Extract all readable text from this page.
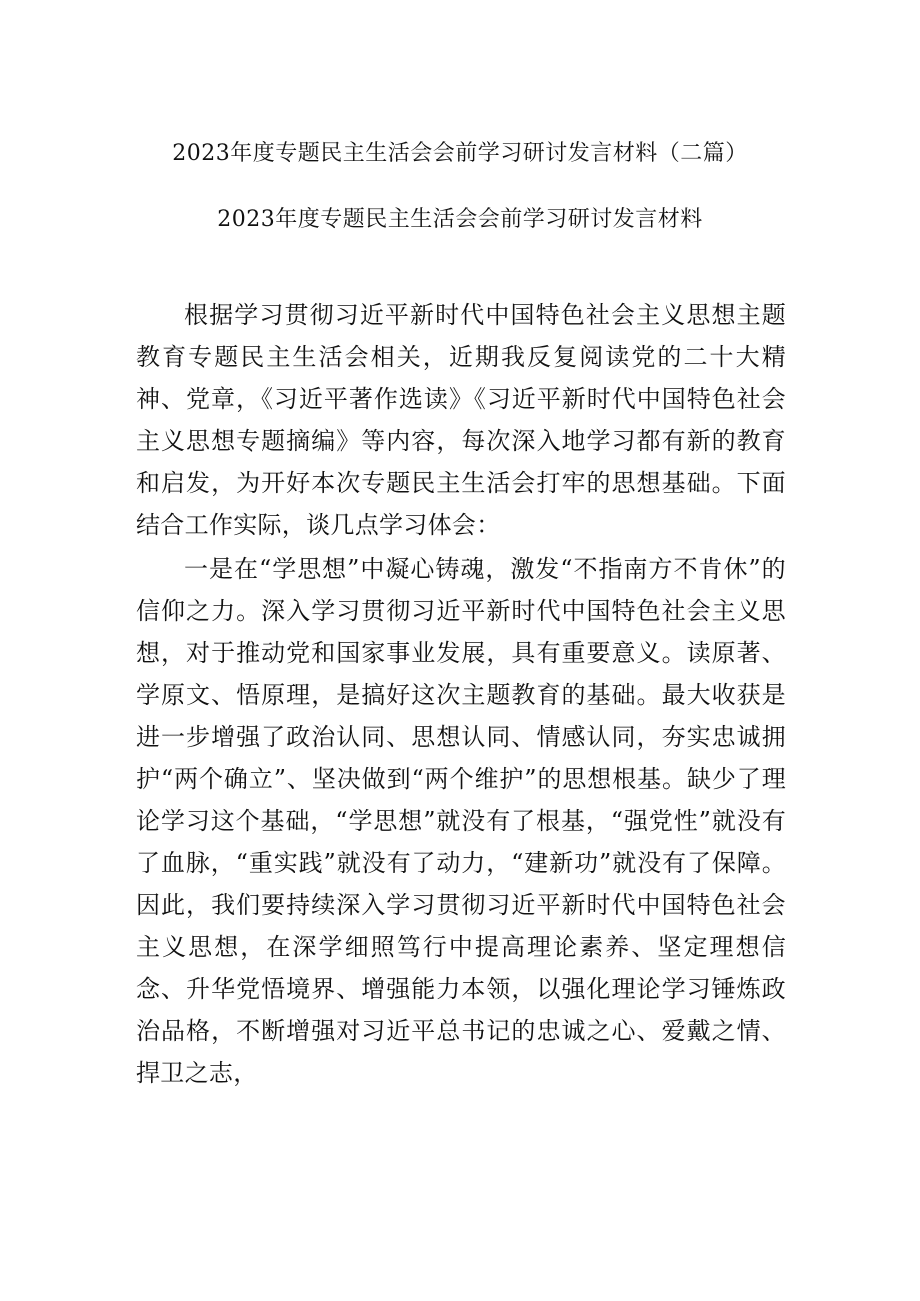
2023年度专题民主生活会会前学习研讨发言材料（二篇）
2023年度专题民主生活会会前学习研讨发言材料

根据学习贯彻习近平新时代中国特色社会主义思想主题教育专题民主生活会相关，近期我反复阅读党的二十大精神、党章，《习近平著作选读》《习近平新时代中国特色社会主义思想专题摘编》等内容，每次深入地学习都有新的教育和启发，为开好本次专题民主生活会打牢的思想基础。下面结合工作实际，谈几点学习体会：

一是在“学思想”中凝心铸魂，激发“不指南方不肯休”的信仰之力。深入学习贯彻习近平新时代中国特色社会主义思想，对于推动党和国家事业发展，具有重要意义。读原著、学原文、悟原理，是搞好这次主题教育的基础。最大收获是进一步增强了政治认同、思想认同、情感认同，夯实忠诚拥护“两个确立”、坚决做到“两个维护”的思想根基。缺少了理论学习这个基础，“学思想”就没有了根基，“强党性”就没有了血脉，“重实践”就没有了动力，“建新功”就没有了保障。因此，我们要持续深入学习贯彻习近平新时代中国特色社会主义思想，在深学细照笃行中提高理论素养、坚定理想信念、升华党悟境界、增强能力本领，以强化理论学习锤炼政治品格，不断增强对习近平总书记的忠诚之心、爱戴之情、捍卫之志，
